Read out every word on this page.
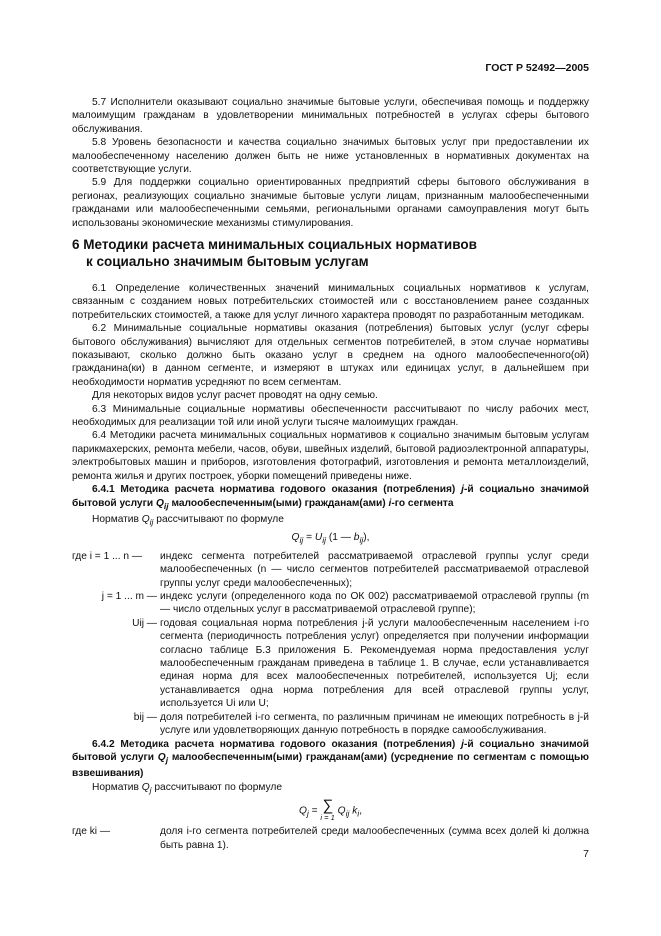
ГОСТ Р 52492—2005

5.7 Исполнители оказывают социально значимые бытовые услуги, обеспечивая помощь и поддержку малоимущим гражданам в удовлетворении минимальных потребностей в услугах сферы бытового обслуживания.

5.8 Уровень безопасности и качества социально значимых бытовых услуг при предоставлении их малообеспеченному населению должен быть не ниже установленных в нормативных документах на соответствующие услуги.

5.9 Для поддержки социально ориентированных предприятий сферы бытового обслуживания в регионах, реализующих социально значимые бытовые услуги лицам, признанным малообеспеченными гражданами или малообеспеченными семьями, региональными органами самоуправления могут быть использованы экономические механизмы стимулирования.

6 Методики расчета минимальных социальных нормативов
к социально значимым бытовым услугам

6.1 Определение количественных значений минимальных социальных нормативов к услугам, связанным с созданием новых потребительских стоимостей или с восстановлением ранее созданных потребительских стоимостей, а также для услуг личного характера проводят по разработанным методикам.

6.2 Минимальные социальные нормативы оказания (потребления) бытовых услуг (услуг сферы бытового обслуживания) вычисляют для отдельных сегментов потребителей, в этом случае нормативы показывают, сколько должно быть оказано услуг в среднем на одного малообеспеченного(ой) гражданина(ки) в данном сегменте, и измеряют в штуках или единицах услуг, в дальнейшем при необходимости норматив усредняют по всем сегментам.

Для некоторых видов услуг расчет проводят на одну семью.

6.3 Минимальные социальные нормативы обеспеченности рассчитывают по числу рабочих мест, необходимых для реализации той или иной услуги тысяче малоимущих граждан.

6.4 Методики расчета минимальных социальных нормативов к социально значимым бытовым услугам парикмахерских, ремонта мебели, часов, обуви, швейных изделий, бытовой радиоэлектронной аппаратуры, электробытовых машин и приборов, изготовления фотографий, изготовления и ремонта металлоизделий, ремонта жилья и других построек, уборки помещений приведены ниже.

6.4.1 Методика расчета норматива годового оказания (потребления) j-й социально значимой бытовой услуги $Q_{ij}$ малообеспеченным(ыми) гражданам(ами) i-го сегмента

Норматив $Q_{ij}$ рассчитывают по формуле

$Q_{ij} = U_{ij}$ (1 — $b_{ij}$),

где i = 1 ... n —	индекс сегмента потребителей рассматриваемой отраслевой группы услуг среди малообеспеченных (n — число сегментов потребителей рассматриваемой отраслевой группы услуг среди малообеспеченных);
j = 1 ... m — индекс услуги (определенного кода по ОК 002) рассматриваемой отраслевой группы (m — число отдельных услуг в рассматриваемой отраслевой группе);
Uij — годовая социальная норма потребления j-й услуги малообеспеченным населением i-го сегмента (периодичность потребления услуг) определяется при получении информации согласно таблице Б.3 приложения Б. Рекомендуемая норма предоставления услуг малообеспеченным гражданам приведена в таблице 1. В случае, если устанавливается единая норма для всех малообеспеченных потребителей, используется Uj; если устанавливается одна норма потребления для всей отраслевой группы услуг, используется Ui или U;
bij — доля потребителей i-го сегмента, по различным причинам не имеющих потребность в j-й услуге или удовлетворяющих данную потребность в порядке самообслуживания.

6.4.2 Методика расчета норматива годового оказания (потребления) j-й социально значимой бытовой услуги $Q_j$ малообеспеченным(ыми) гражданам(ами) (усреднение по сегментам с помощью взвешивания)

Норматив $Q_j$ рассчитывают по формуле

$Q_j$ = ∑
i = 1
$Q_{ij}$ $k_i$,

где ki —	доля i-го сегмента потребителей среди малообеспеченных (сумма всех долей ki должна быть равна 1).
7
